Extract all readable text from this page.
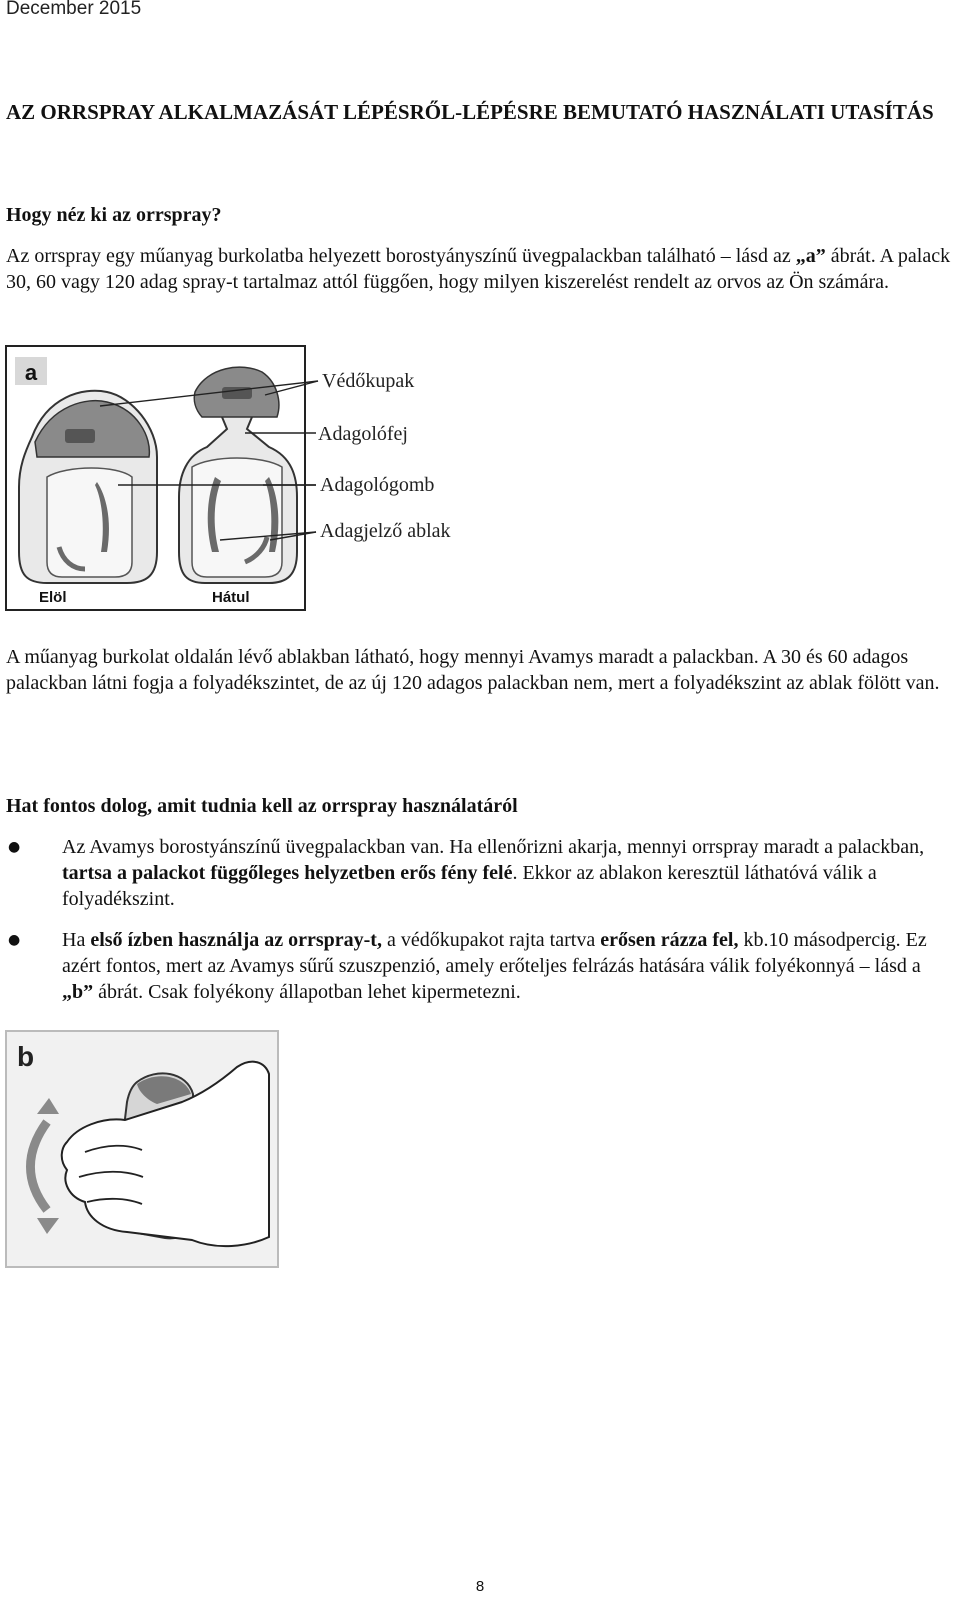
December 2015
AZ ORRSPRAY ALKALMAZÁSÁT LÉPÉSRŐL-LÉPÉSRE BEMUTATÓ HASZNÁLATI UTASÍTÁS
Hogy néz ki az orrspray?
Az orrspray egy műanyag burkolatba helyezett borostyányszínű üvegpalackban található – lásd az „a” ábrát. A palack 30, 60 vagy 120 adag spray-t tartalmaz attól függően, hogy milyen kiszerelést rendelt az orvos az Ön számára.
a
Elöl	Hátul
Védőkupak
Adagolófej
Adagológomb
Adagjelző ablak
A műanyag burkolat oldalán lévő ablakban látható, hogy mennyi Avamys maradt a palackban. A 30 és 60 adagos palackban látni fogja a folyadékszintet, de az új 120 adagos palackban nem, mert a folyadékszint az ablak fölött van.
Hat fontos dolog, amit tudnia kell az orrspray használatáról
● Az Avamys borostyánszínű üvegpalackban van. Ha ellenőrizni akarja, mennyi orrspray maradt a palackban, tartsa a palackot függőleges helyzetben erős fény felé. Ekkor az ablakon keresztül láthatóvá válik a folyadékszint.
● Ha első ízben használja az orrspray-t, a védőkupakot rajta tartva erősen rázza fel, kb.10 másodpercig. Ez azért fontos, mert az Avamys sűrű szuszpenzió, amely erőteljes felrázás hatására válik folyékonnyá – lásd a „b” ábrát. Csak folyékony állapotban lehet kipermetezni.
b
8
